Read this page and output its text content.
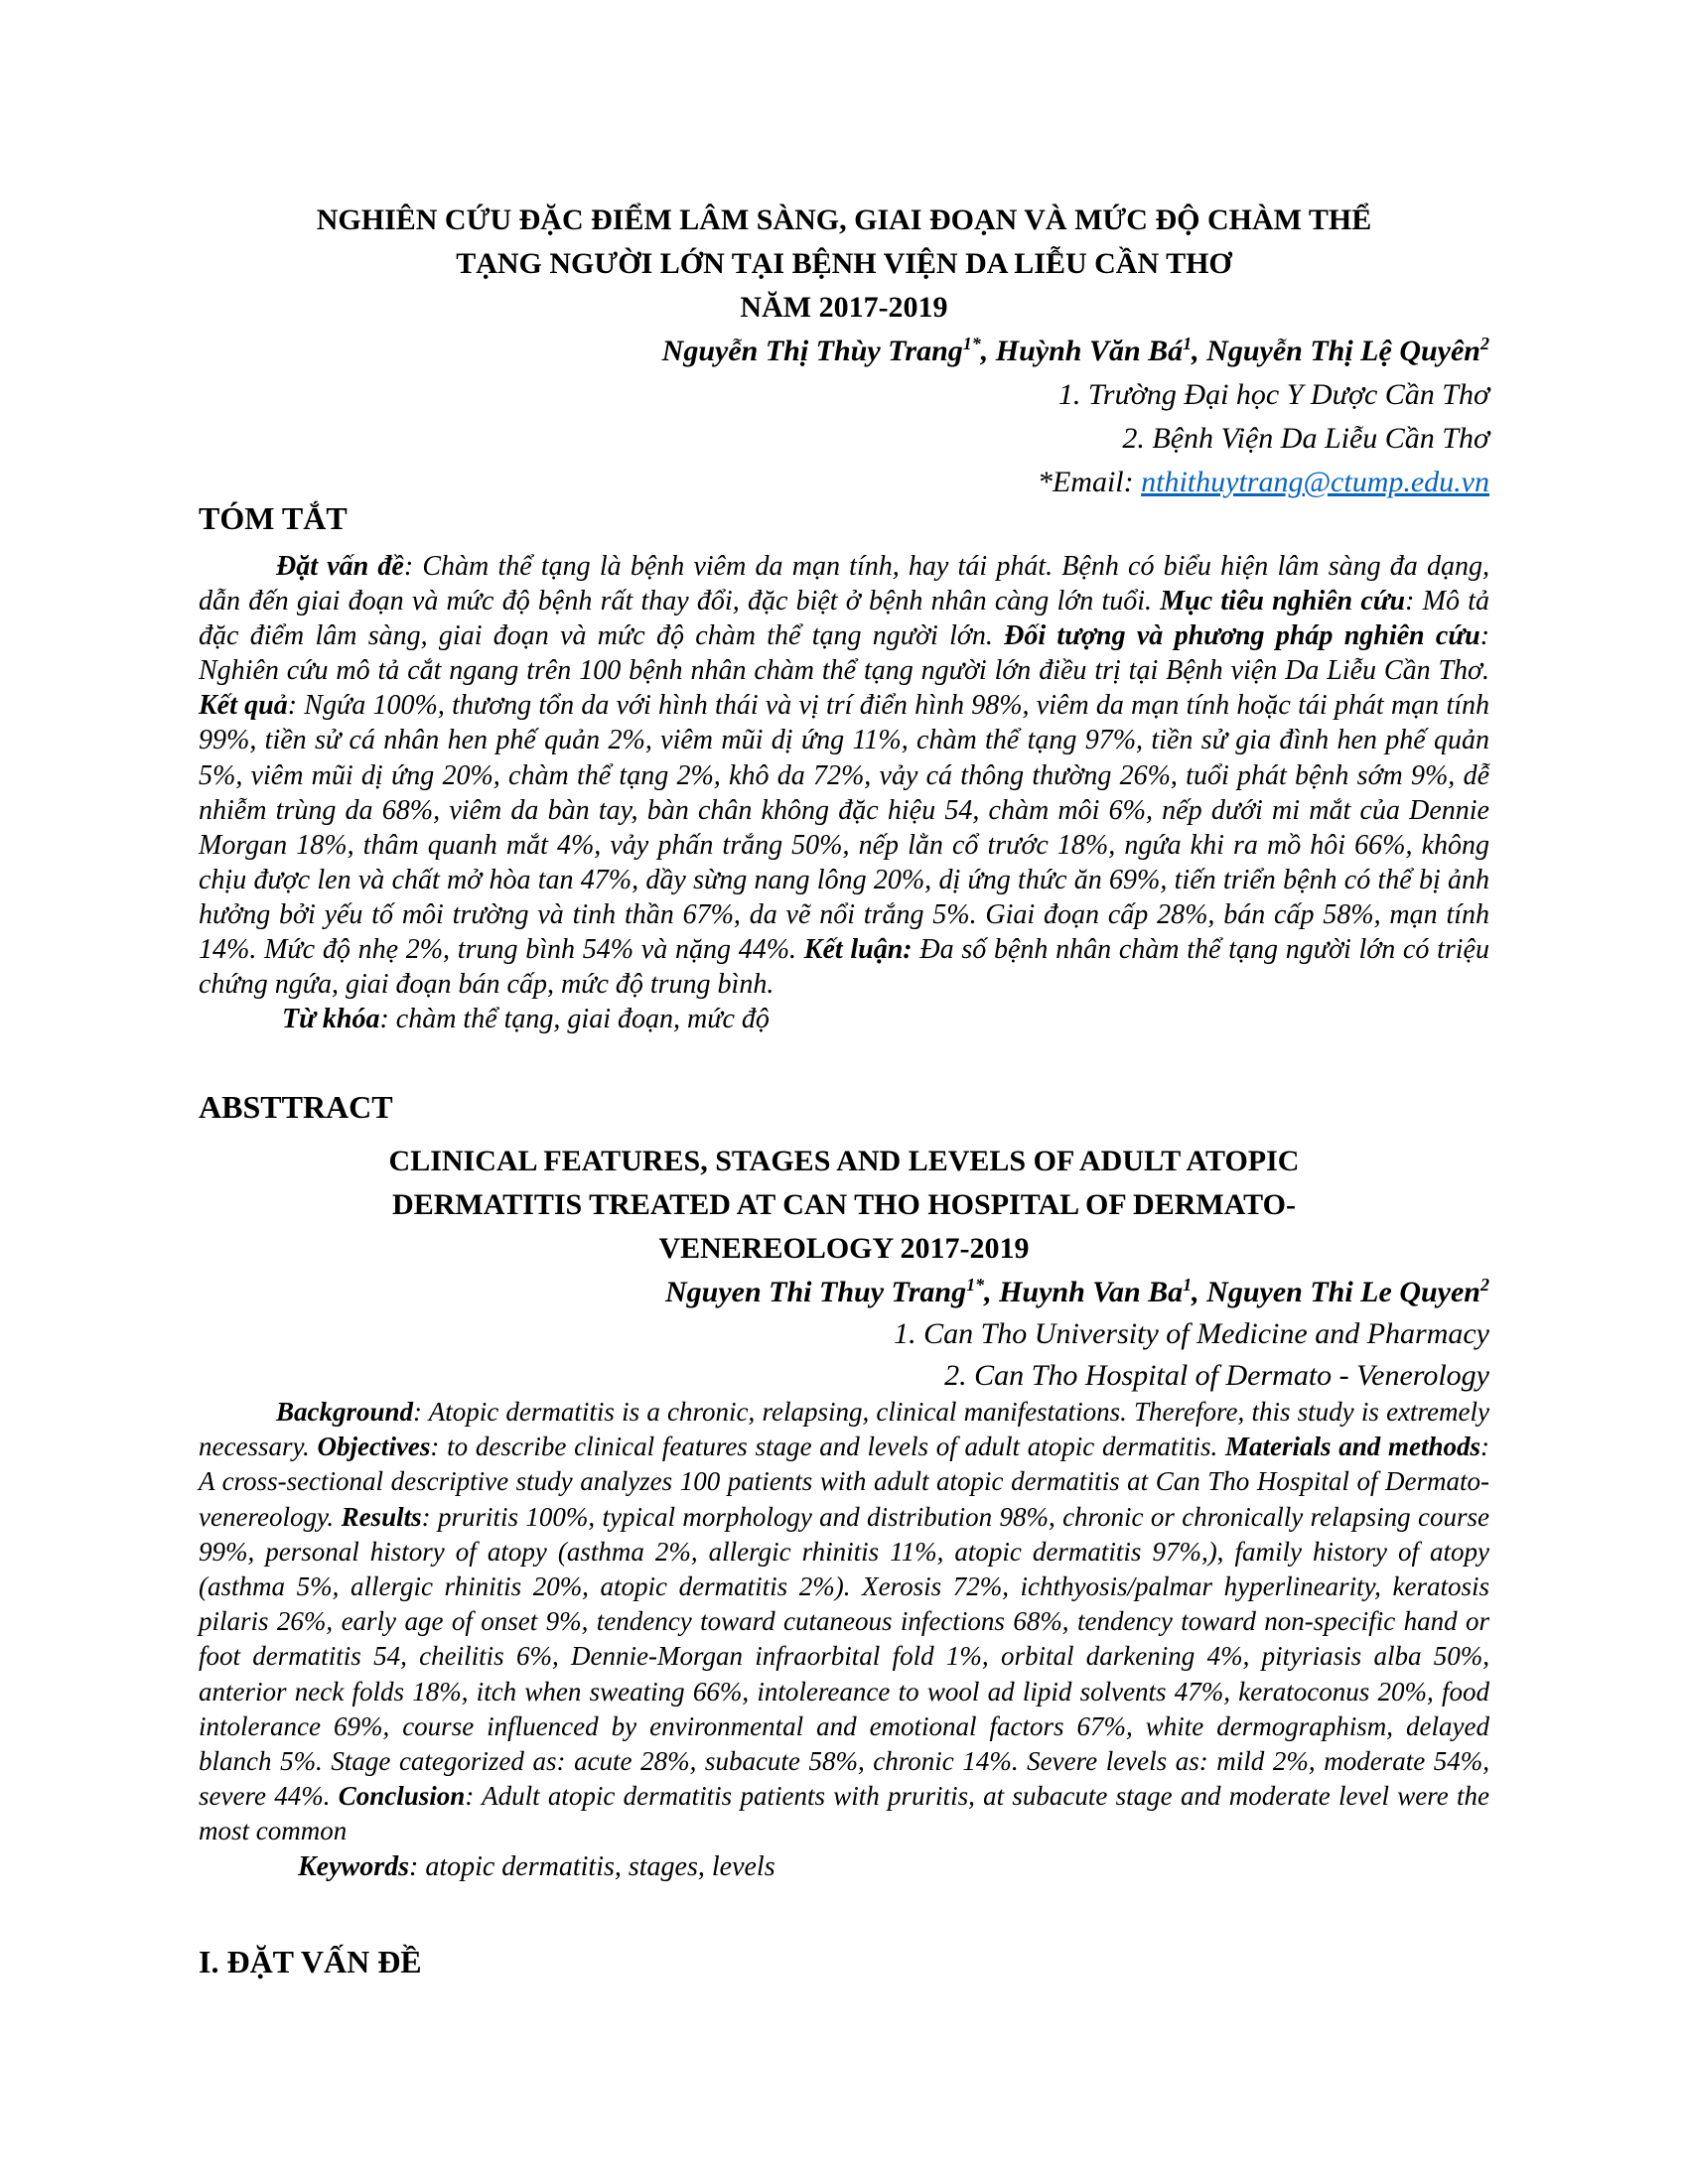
NGHIÊN CỨU ĐẶC ĐIỂM LÂM SÀNG, GIAI ĐOẠN VÀ MỨC ĐỘ CHÀM THỂ
TẠNG NGƯỜI LỚN TẠI BỆNH VIỆN DA LIỄU CẦN THƠ
NĂM 2017-2019
Nguyễn Thị Thùy Trang$^{1*}$, Huỳnh Văn $Bá^1$, Nguyễn Thị Lệ Quyên$^2$
1. Trường Đại học Y Dược Cần Thơ
2. Bệnh Viện Da Liễu Cần Thơ
*Email: nthithuytrang@ctump.edu.vn
TÓM TẮT

Đặt vấn đề: Chàm thể tạng là bệnh viêm da mạn tính, hay tái phát. Bệnh có biểu hiện lâm sàng đa dạng, dẫn đến giai đoạn và mức độ bệnh rất thay đổi, đặc biệt ở bệnh nhân càng lớn tuổi. Mục tiêu nghiên cứu: Mô tả đặc điểm lâm sàng, giai đoạn và mức độ chàm thể tạng người lớn. Đối tượng và phương pháp nghiên cứu: Nghiên cứu mô tả cắt ngang trên 100 bệnh nhân chàm thể tạng người lớn điều trị tại Bệnh viện Da Liễu Cần Thơ. Kết quả: Ngứa 100%, thương tổn da với hình thái và vị trí điển hình 98%, viêm da mạn tính hoặc tái phát mạn tính 99%, tiền sử cá nhân hen phế quản 2%, viêm mũi dị ứng 11%, chàm thể tạng 97%, tiền sử gia đình hen phế quản 5%, viêm mũi dị ứng 20%, chàm thể tạng 2%, khô da 72%, vảy cá thông thường 26%, tuổi phát bệnh sớm 9%, dễ nhiễm trùng da 68%, viêm da bàn tay, bàn chân không đặc hiệu 54, chàm môi 6%, nếp dưới mi mắt của Dennie Morgan 18%, thâm quanh mắt 4%, vảy phấn trắng 50%, nếp lằn cổ trước 18%, ngứa khi ra mồ hôi 66%, không chịu được len và chất mở hòa tan 47%, dầy sừng nang lông 20%, dị ứng thức ăn 69%, tiến triển bệnh có thể bị ảnh hưởng bởi yếu tố môi trường và tinh thần 67%, da vẽ nổi trắng 5%. Giai đoạn cấp 28%, bán cấp 58%, mạn tính 14%. Mức độ nhẹ 2%, trung bình 54% và nặng 44%. Kết luận: Đa số bệnh nhân chàm thể tạng người lớn có triệu chứng ngứa, giai đoạn bán cấp, mức độ trung bình.

Từ khóa: chàm thể tạng, giai đoạn, mức độ

ABSTTRACT
CLINICAL FEATURES, STAGES AND LEVELS OF ADULT ATOPIC
DERMATITIS TREATED AT CAN THO HOSPITAL OF DERMATO-
VENEREOLOGY 2017-2019
Nguyen Thi Thuy Trang$^{1*}$, Huynh Van Ba$^1$, Nguyen Thi Le Quyen$^2$
1. Can Tho University of Medicine and Pharmacy
2. Can Tho Hospital of Dermato - Venerology

Background: Atopic dermatitis is a chronic, relapsing, clinical manifestations. Therefore, this study is extremely necessary. Objectives: to describe clinical features stage and levels of adult atopic dermatitis. Materials and methods: A cross-sectional descriptive study analyzes 100 patients with adult atopic dermatitis at Can Tho Hospital of Dermato-venereology. Results: pruritis 100%, typical morphology and distribution 98%, chronic or chronically relapsing course 99%, personal history of atopy (asthma 2%, allergic rhinitis 11%, atopic dermatitis 97%,), family history of atopy (asthma 5%, allergic rhinitis 20%, atopic dermatitis 2%). Xerosis 72%, ichthyosis/palmar hyperlinearity, keratosis pilaris 26%, early age of onset 9%, tendency toward cutaneous infections 68%, tendency toward non-specific hand or foot dermatitis 54, cheilitis 6%, Dennie-Morgan infraorbital fold 1%, orbital darkening 4%, pityriasis alba 50%, anterior neck folds 18%, itch when sweating 66%, intolereance to wool ad lipid solvents 47%, keratoconus 20%, food intolerance 69%, course influenced by environmental and emotional factors 67%, white dermographism, delayed blanch 5%. Stage categorized as: acute 28%, subacute 58%, chronic 14%. Severe levels as: mild 2%, moderate 54%, severe 44%. Conclusion: Adult atopic dermatitis patients with pruritis, at subacute stage and moderate level were the most common

Keywords: atopic dermatitis, stages, levels

I. ĐẶT VẤN ĐỀ
